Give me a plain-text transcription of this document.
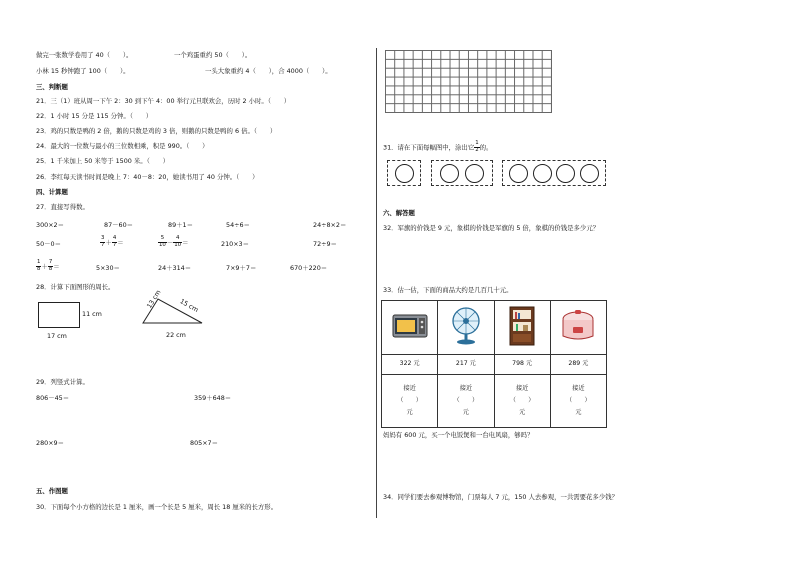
做完一张数学卷用了 40（　　）。	一个鸡蛋重约 50（　　）。
小林 15 秒钟跑了 100（　　）。	一头大象重约 4（　　），合 4000（　　）。
三、判断题
21．三（1）班从周一下午 2：30 到下午 4：00 举行元旦联欢会，历时 2 小时。（　　）
22．1 小时 15 分是 115 分钟。（　　）
23．鸡的只数是鸭的 2 倍，鹅的只数是鸡的 3 倍，则鹅的只数是鸭的 6 倍。（　　）
24．最大的一位数与最小的三位数相乘，积是 990。（　　）
25．1 千米加上 50 米等于 1500 米。（　　）
26．李红每天读书时间是晚上 7：40－8：20，她读书用了 40 分钟。（　　）
四、计算题
27．直接写得数。
300×2＝	87－60＝	89＋1＝	54÷6＝	24÷8×2＝
50－0＝	$\frac{3}{7} + \frac{4}{7}$ ＝	$\frac{5}{10} - \frac{4}{10}$ ＝	210×3＝	72÷9＝
$\frac{1}{8} + \frac{7}{8}$ ＝	5×30＝	24＋314＝	7×9＋7＝	670＋220＝
28．计算下面图形的周长。
11 cm
17 cm
13 cm	15 cm
22 cm
29．列竖式计算。
806－45＝	359＋648＝
280×9＝	805×7＝
五、作图题
30．下面每个小方格的边长是 1 厘米，画一个长是 5 厘米，周长 18 厘米的长方形。
31．请在下面每幅图中，涂出它 $\frac{1}{2}$ 的。
六、解答题
32．军旗的价钱是 9 元，象棋的价钱是军旗的 5 倍，象棋的价钱是多少元？
33．估一估，下面的商品大约是几百几十元。

322 元	217 元	798 元	289 元
接近
（　　）
元	接近
（　　）
元	接近
（　　）
元	接近
（　　）
元
妈妈有 600 元，买一个电饭煲和一台电风扇，够吗？
34．同学们要去参观博物馆，门票每人 7 元，150 人去参观，一共需要花多少钱？
